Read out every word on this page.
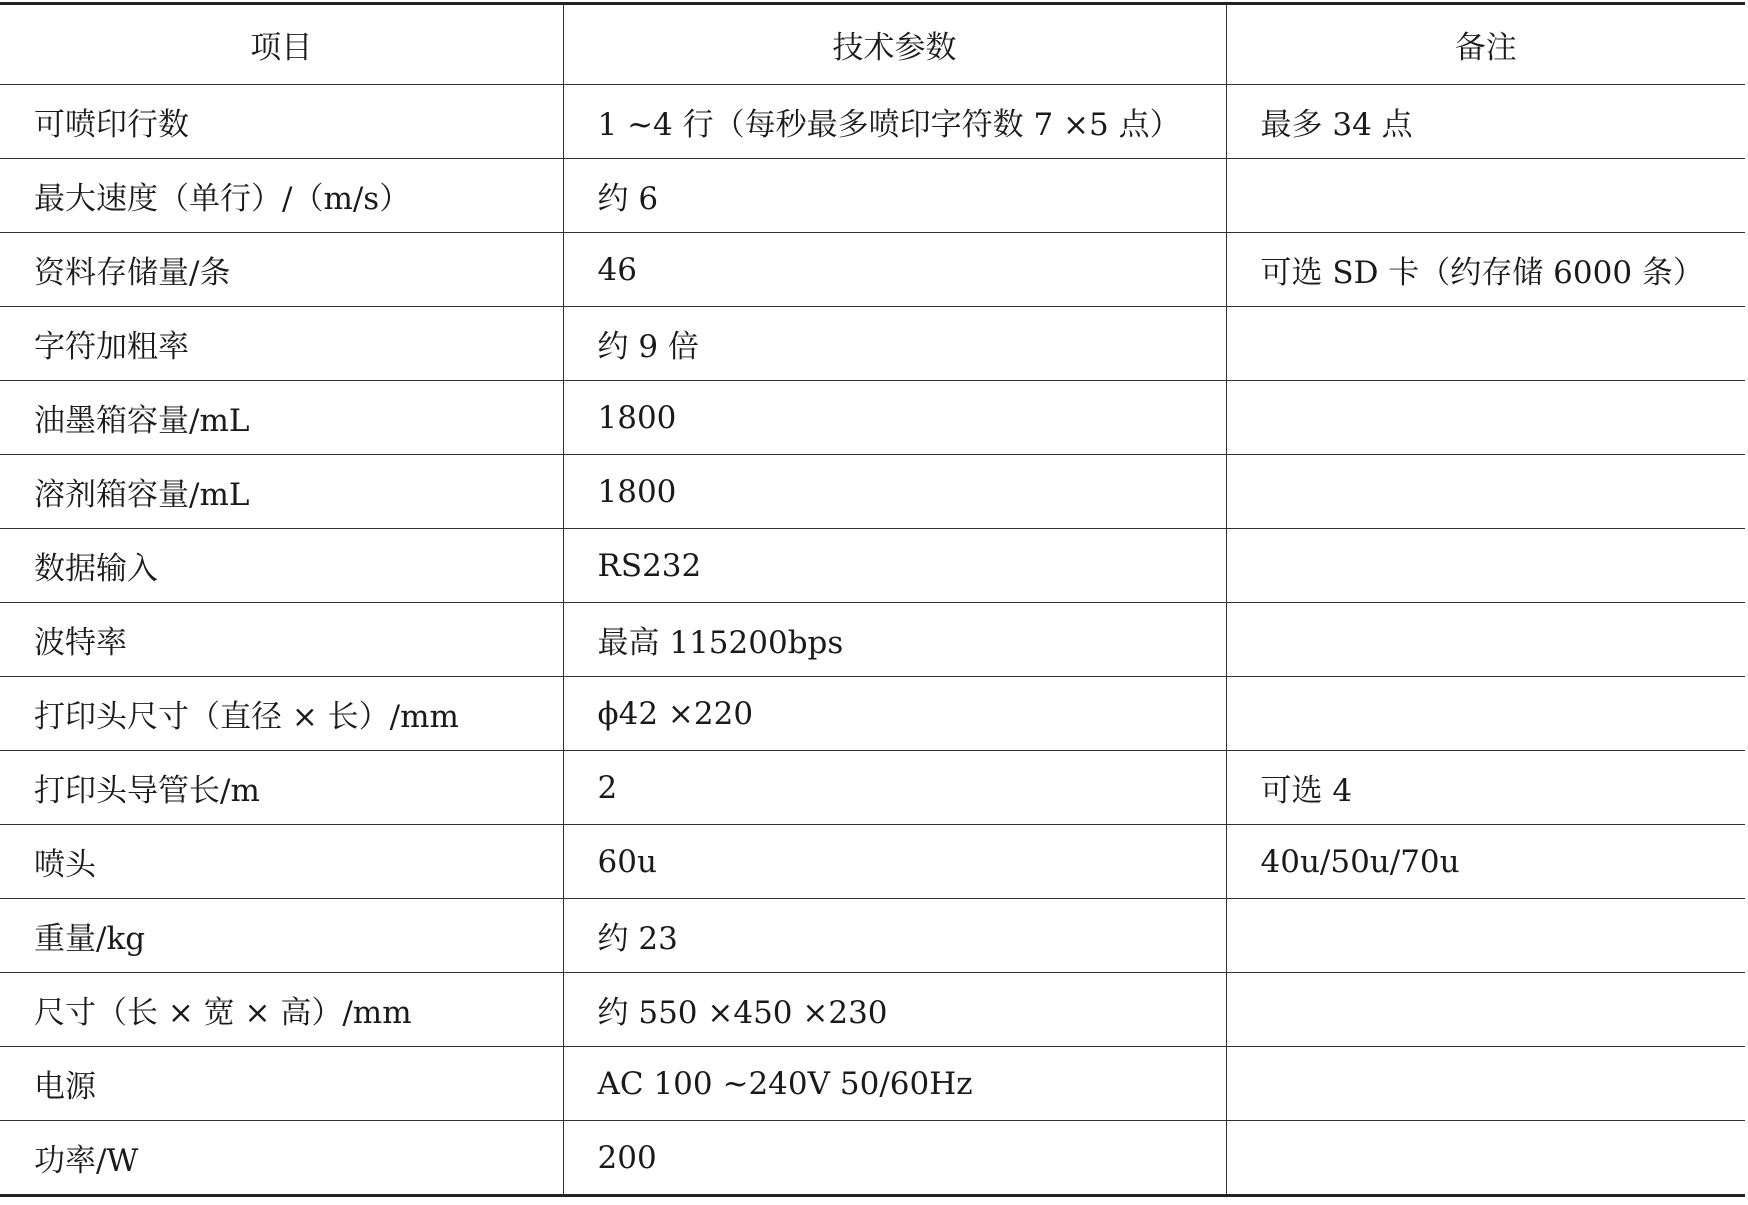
项目	技术参数	备注
可喷印行数	1 ~4 行（每秒最多喷印字符数 7 ×5 点）	最多 34 点
最大速度（单行）/（m/s）	约 6	
资料存储量/条	46	可选 SD 卡（约存储 6000 条）
字符加粗率	约 9 倍	
油墨箱容量/mL	1800	
溶剂箱容量/mL	1800	
数据输入	RS232	
波特率	最高 115200bps	
打印头尺寸（直径 × 长）/mm	ϕ42 ×220	
打印头导管长/m	2	可选 4
喷头	60u	40u/50u/70u
重量/kg	约 23	
尺寸（长 × 宽 × 高）/mm	约 550 ×450 ×230	
电源	AC 100 ~240V 50/60Hz	
功率/W	200	
